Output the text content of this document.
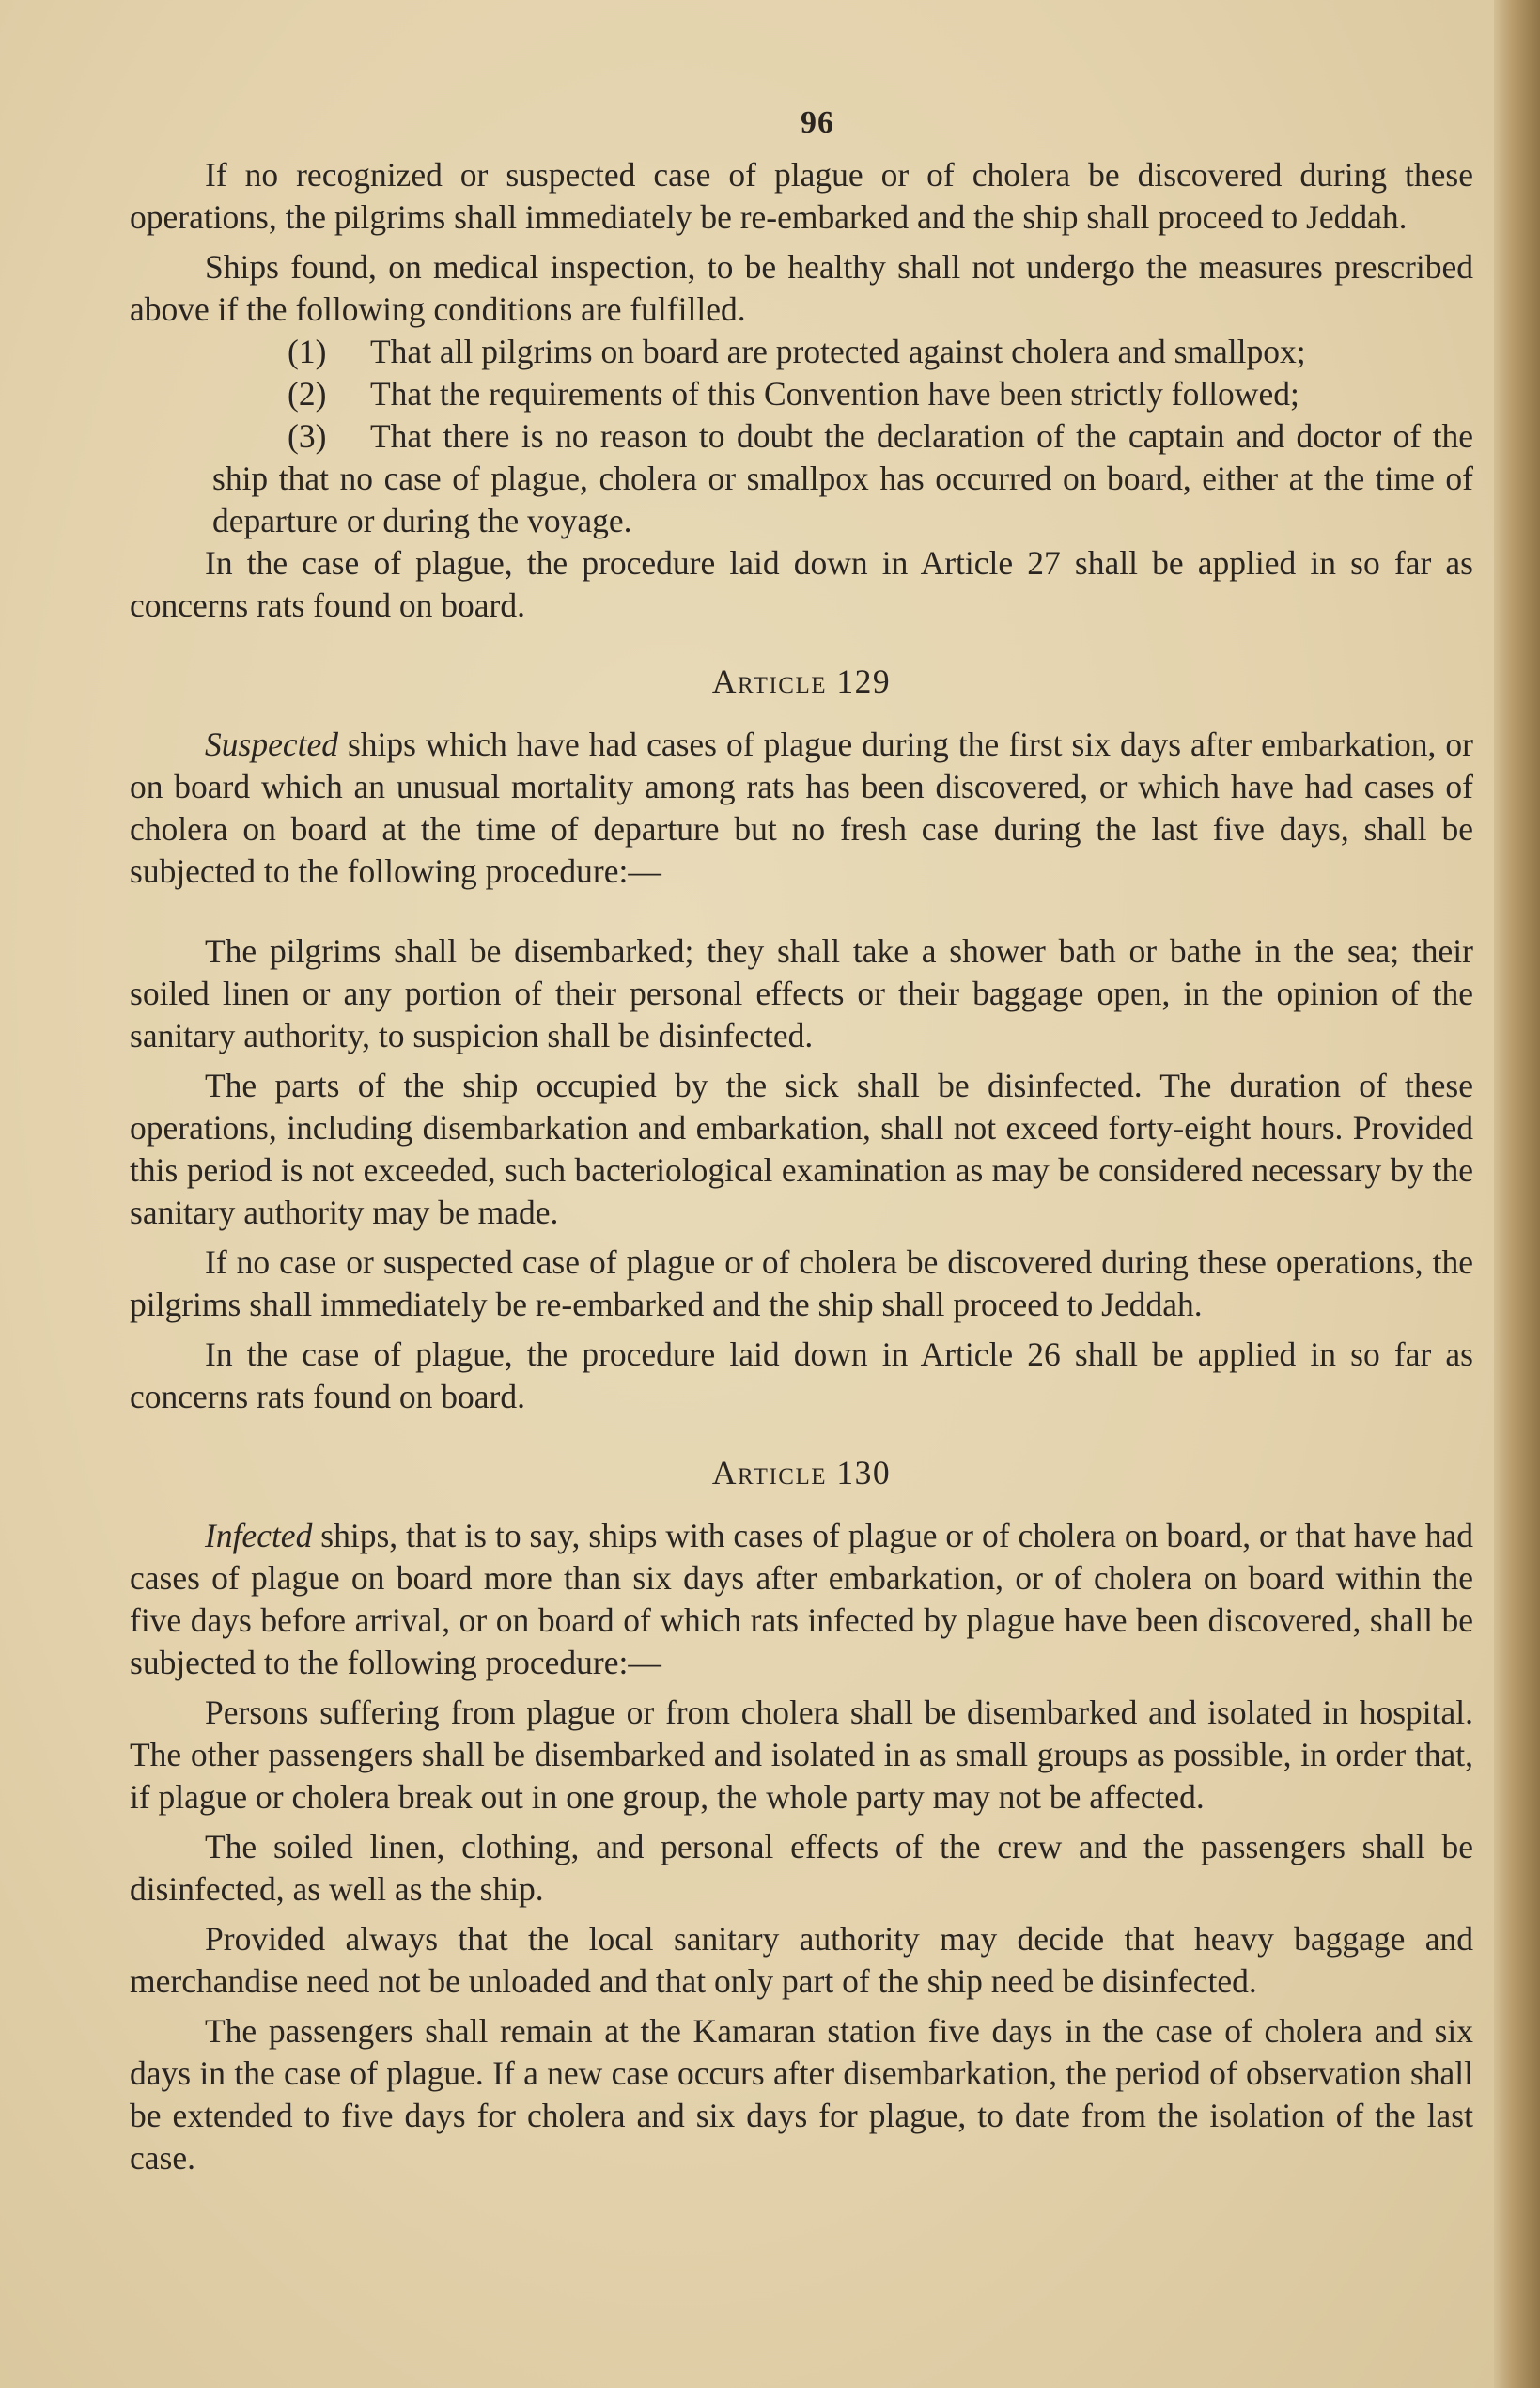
96

If no recognized or suspected case of plague or of cholera be discovered during these operations, the pilgrims shall immediately be re-embarked and the ship shall proceed to Jeddah.

Ships found, on medical inspection, to be healthy shall not undergo the measures prescribed above if the following conditions are fulfilled.

(1) That all pilgrims on board are protected against cholera and smallpox;

(2) That the requirements of this Convention have been strictly followed;

(3) That there is no reason to doubt the declaration of the captain and doctor of the ship that no case of plague, cholera or smallpox has occurred on board, either at the time of departure or during the voyage.

In the case of plague, the procedure laid down in Article 27 shall be applied in so far as concerns rats found on board.

Article 129

Suspected ships which have had cases of plague during the first six days after embarkation, or on board which an unusual mortality among rats has been discovered, or which have had cases of cholera on board at the time of departure but no fresh case during the last five days, shall be subjected to the following procedure:—

The pilgrims shall be disembarked; they shall take a shower bath or bathe in the sea; their soiled linen or any portion of their personal effects or their baggage open, in the opinion of the sanitary authority, to suspicion shall be disinfected.

The parts of the ship occupied by the sick shall be disinfected. The duration of these operations, including disembarkation and embarkation, shall not exceed forty-eight hours. Provided this period is not exceeded, such bacteriological examination as may be considered necessary by the sanitary authority may be made.

If no case or suspected case of plague or of cholera be discovered during these operations, the pilgrims shall immediately be re-embarked and the ship shall proceed to Jeddah.

In the case of plague, the procedure laid down in Article 26 shall be applied in so far as concerns rats found on board.

Article 130

Infected ships, that is to say, ships with cases of plague or of cholera on board, or that have had cases of plague on board more than six days after embarkation, or of cholera on board within the five days before arrival, or on board of which rats infected by plague have been discovered, shall be subjected to the following procedure:—

Persons suffering from plague or from cholera shall be disembarked and isolated in hospital. The other passengers shall be disembarked and isolated in as small groups as possible, in order that, if plague or cholera break out in one group, the whole party may not be affected.

The soiled linen, clothing, and personal effects of the crew and the passengers shall be disinfected, as well as the ship.

Provided always that the local sanitary authority may decide that heavy baggage and merchandise need not be unloaded and that only part of the ship need be disinfected.

The passengers shall remain at the Kamaran station five days in the case of cholera and six days in the case of plague. If a new case occurs after disembarkation, the period of observation shall be extended to five days for cholera and six days for plague, to date from the isolation of the last case.
